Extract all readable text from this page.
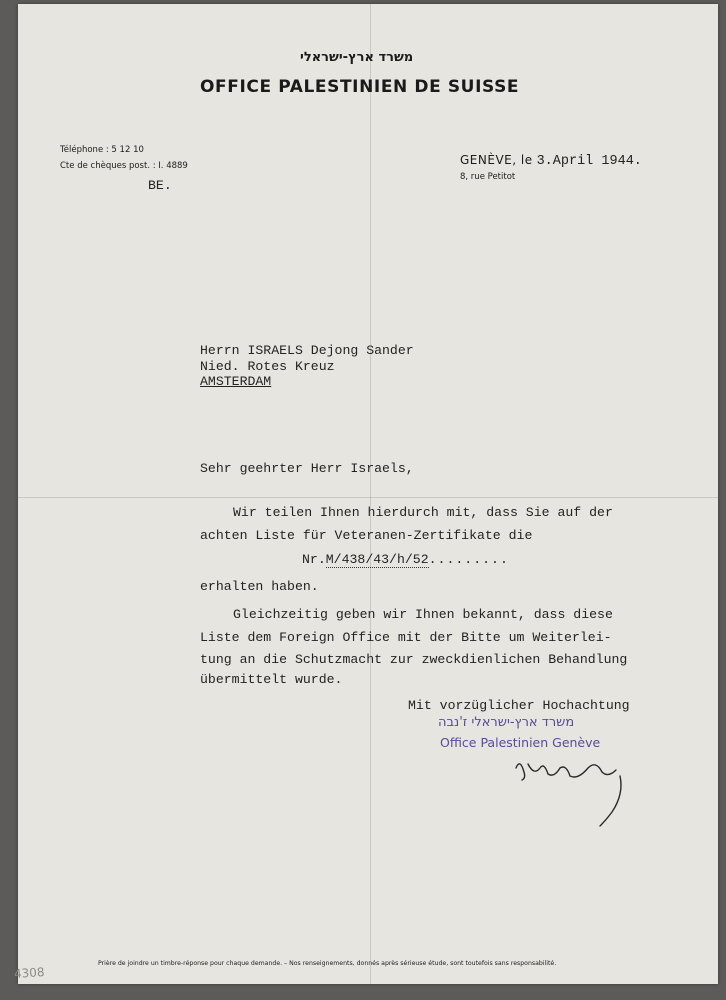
משרד ארץ-ישראלי
OFFICE PALESTINIEN DE SUISSE
Téléphone : 5 12 10
Cte de chèques post. : I. 4889
BE.
GENÈVE, le 3.April 1944.
8, rue Petitot
Herrn ISRAELS Dejong Sander
Nied. Rotes Kreuz
AMSTERDAM
Sehr geehrter Herr Israels,
Wir teilen Ihnen hierdurch mit, dass Sie auf der
achten Liste für Veteranen-Zertifikate die
Nr.M/438/43/h/52.........
erhalten haben.
Gleichzeitig geben wir Ihnen bekannt, dass diese
Liste dem Foreign Office mit der Bitte um Weiterlei-
tung an die Schutzmacht zur zweckdienlichen Behandlung
übermittelt wurde.
Mit vorzüglicher Hochachtung
משרד ארץ-ישראלי ז'נבה
Office Palestinien Genève
Prière de joindre un timbre-réponse pour chaque demande. – Nos renseignements, donnés après sérieuse étude, sont toutefois sans responsabilité.
4308
